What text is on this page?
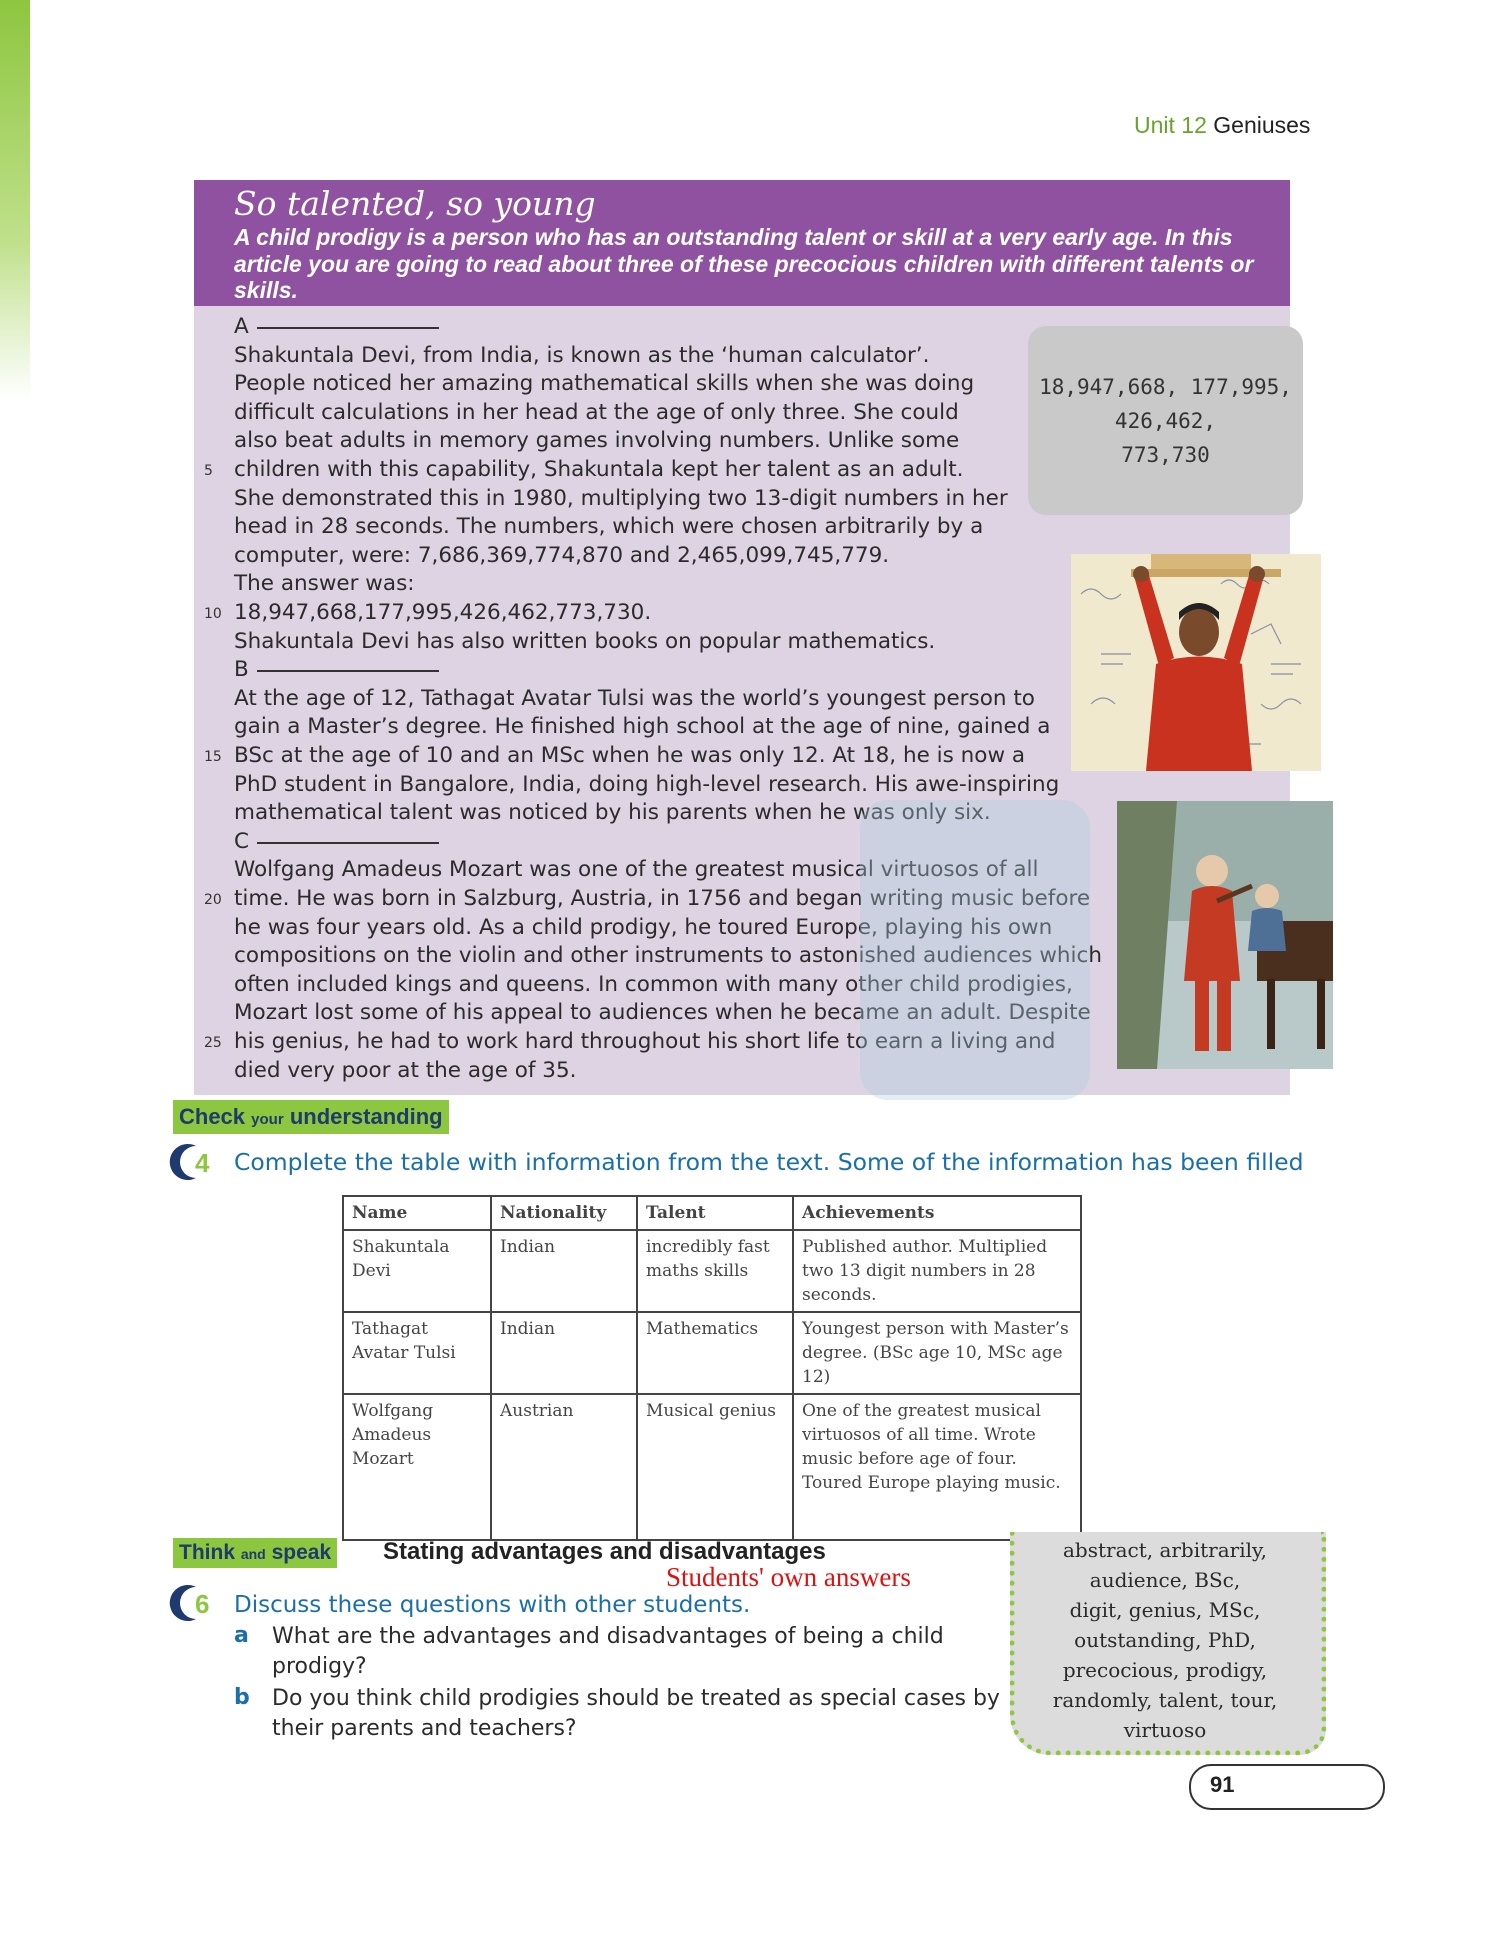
Unit 12 Geniuses
So talented, so young
A child prodigy is a person who has an outstanding talent or skill at a very early age. In this article you are going to read about three of these precocious children with different talents or skills.
A
Shakuntala Devi, from India, is known as the ‘human calculator’.
People noticed her amazing mathematical skills when she was doing
difficult calculations in her head at the age of only three. She could
also beat adults in memory games involving numbers. Unlike some
children with this capability, Shakuntala kept her talent as an adult.
She demonstrated this in 1980, multiplying two 13-digit numbers in her
head in 28 seconds. The numbers, which were chosen arbitrarily by a
computer, were: 7,686,369,774,870 and 2,465,099,745,779.
The answer was:
18,947,668,177,995,426,462,773,730.
Shakuntala Devi has also written books on popular mathematics.
B
At the age of 12, Tathagat Avatar Tulsi was the world’s youngest person to
gain a Master’s degree. He finished high school at the age of nine, gained a
BSc at the age of 10 and an MSc when he was only 12. At 18, he is now a
PhD student in Bangalore, India, doing high-level research. His awe-inspiring
mathematical talent was noticed by his parents when he was only six.
C
Wolfgang Amadeus Mozart was one of the greatest musical virtuosos of all
time. He was born in Salzburg, Austria, in 1756 and began writing music before
he was four years old. As a child prodigy, he toured Europe, playing his own
compositions on the violin and other instruments to astonished audiences which
often included kings and queens. In common with many other child prodigies,
Mozart lost some of his appeal to audiences when he became an adult. Despite
his genius, he had to work hard throughout his short life to earn a living and
died very poor at the age of 35.
5
10
15
20
25
18,947,668, 177,995,
426,462,
773,730
Check your understanding
4 Complete the table with information from the text. Some of the information has been filled
Name	Nationality	Talent	Achievements
Shakuntala Devi	Indian	incredibly fast maths skills	Published author. Multiplied two 13 digit numbers in 28 seconds.
Tathagat Avatar Tulsi	Indian	Mathematics	Youngest person with Master’s degree. (BSc age 10, MSc age 12)
Wolfgang Amadeus Mozart	Austrian	Musical genius	One of the greatest musical virtuosos of all time. Wrote music before age of four. Toured Europe playing music.
Think and speak Stating advantages and disadvantages
Students' own answers
6 Discuss these questions with other students.
a What are the advantages and disadvantages of being a child prodigy?
b Do you think child prodigies should be treated as special cases by their parents and teachers?
abstract, arbitrarily,
audience, BSc,
digit, genius, MSc,
outstanding, PhD,
precocious, prodigy,
randomly, talent, tour,
virtuoso
91
